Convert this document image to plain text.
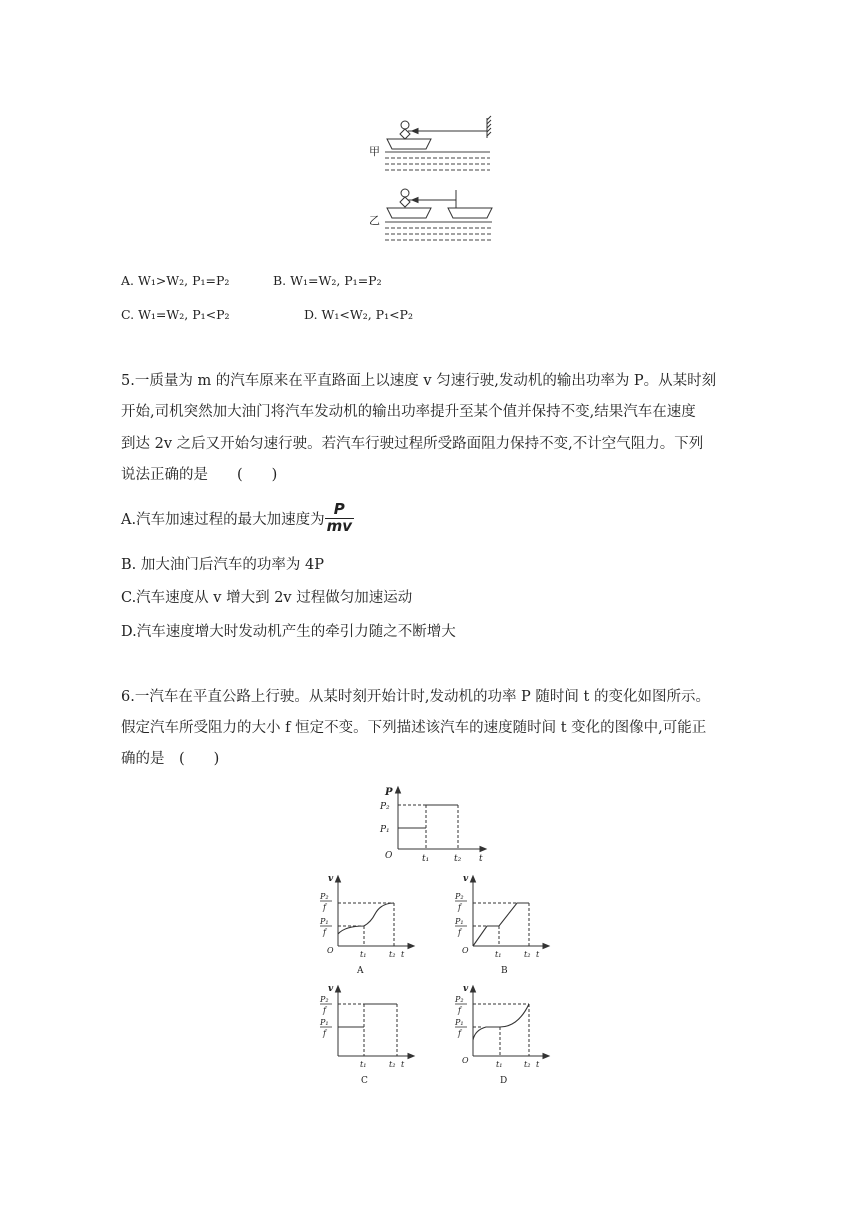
甲
乙
A. W₁>W₂, P₁=P₂	B. W₁=W₂, P₁=P₂
C. W₁=W₂, P₁<P₂	D. W₁<W₂, P₁<P₂
5.一质量为 m 的汽车原来在平直路面上以速度 v 匀速行驶,发动机的输出功率为 P。从某时刻
开始,司机突然加大油门将汽车发动机的输出功率提升至某个值并保持不变,结果汽车在速度
到达 2v 之后又开始匀速行驶。若汽车行驶过程所受路面阻力保持不变,不计空气阻力。下列
说法正确的是　　(　　)
A.汽车加速过程的最大加速度为 $\frac{P}{mv}$
B. 加大油门后汽车的功率为 4P
C.汽车速度从 v 增大到 2v 过程做匀加速运动
D.汽车速度增大时发动机产生的牵引力随之不断增大
6.一汽车在平直公路上行驶。从某时刻开始计时,发动机的功率 P 随时间 t 的变化如图所示。
假定汽车所受阻力的大小 f 恒定不变。下列描述该汽车的速度随时间 t 变化的图像中,可能正
确的是　(　　)
P
P₂
P₁
O	t₁	t₂ t
v
P₂
f
P₁
f
O	t₁	t₂ t
A
v
P₂
f
P₁
f
O	t₁	t₂ t
B
v
P₂
f
P₁
f
t₁	t₂ t
C
v
P₂
f
P₁
f
O	t₁	t₂ t
D
